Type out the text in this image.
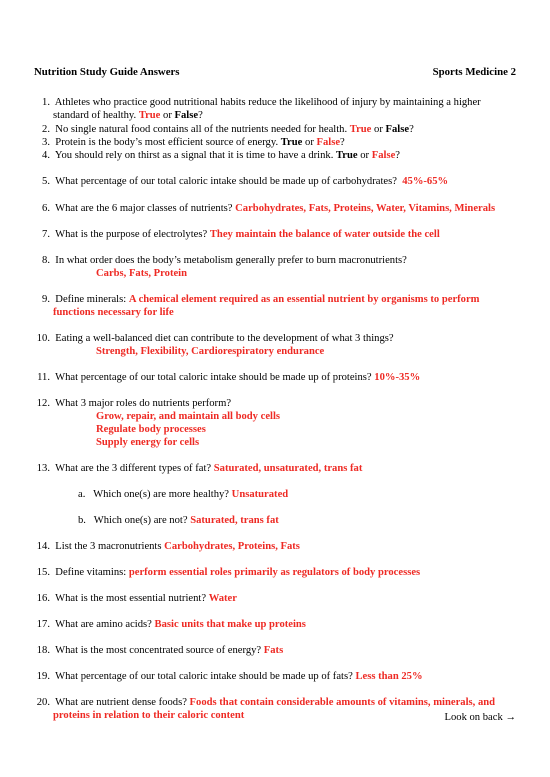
Nutrition Study Guide Answers	Sports Medicine 2
1. Athletes who practice good nutritional habits reduce the likelihood of injury by maintaining a higher
standard of healthy. True or False?
2. No single natural food contains all of the nutrients needed for health. True or False?
3. Protein is the body’s most efficient source of energy. True or False?
4. You should rely on thirst as a signal that it is time to have a drink. True or False?
5. What percentage of our total caloric intake should be made up of carbohydrates? 45%-65%
6. What are the 6 major classes of nutrients? Carbohydrates, Fats, Proteins, Water, Vitamins, Minerals
7. What is the purpose of electrolytes? They maintain the balance of water outside the cell
8. In what order does the body’s metabolism generally prefer to burn macronutrients?
Carbs, Fats, Protein
9. Define minerals: A chemical element required as an essential nutrient by organisms to perform
functions necessary for life
10. Eating a well-balanced diet can contribute to the development of what 3 things?
Strength, Flexibility, Cardiorespiratory endurance
11. What percentage of our total caloric intake should be made up of proteins? 10%-35%
12. What 3 major roles do nutrients perform?
Grow, repair, and maintain all body cells
Regulate body processes
Supply energy for cells
13. What are the 3 different types of fat? Saturated, unsaturated, trans fat
a. Which one(s) are more healthy? Unsaturated
b. Which one(s) are not? Saturated, trans fat
14. List the 3 macronutrients Carbohydrates, Proteins, Fats
15. Define vitamins: perform essential roles primarily as regulators of body processes
16. What is the most essential nutrient? Water
17. What are amino acids? Basic units that make up proteins
18. What is the most concentrated source of energy? Fats
19. What percentage of our total caloric intake should be made up of fats? Less than 25%
20. What are nutrient dense foods? Foods that contain considerable amounts of vitamins, minerals, and
proteins in relation to their caloric content	Look on back →
